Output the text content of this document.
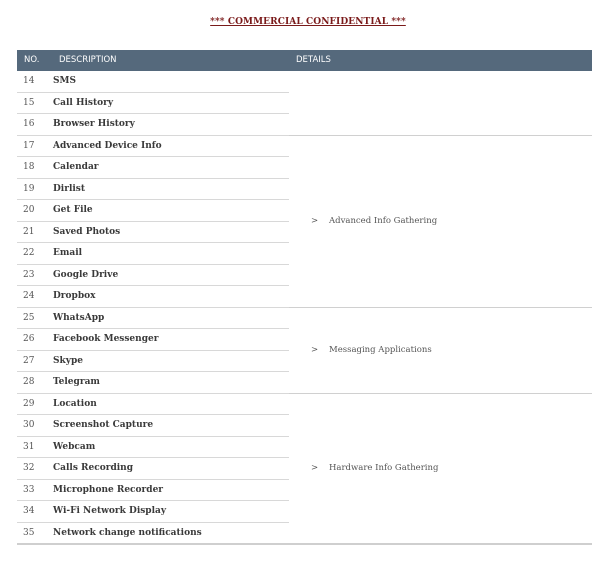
*** COMMERCIAL CONFIDENTIAL ***
NO.	DESCRIPTION	DETAILS
14	SMS	
15	Call History	
16	Browser History	
17	Advanced Device Info	> Advanced Info Gathering
18	Calendar	
19	Dirlist	
20	Get File	
21	Saved Photos	
22	Email	
23	Google Drive	
24	Dropbox	
25	WhatsApp	> Messaging Applications
26	Facebook Messenger	
27	Skype	
28	Telegram	
29	Location	> Hardware Info Gathering
30	Screenshot Capture	
31	Webcam	
32	Calls Recording	
33	Microphone Recorder	
34	Wi-Fi Network Display	
35	Network change notifications	
